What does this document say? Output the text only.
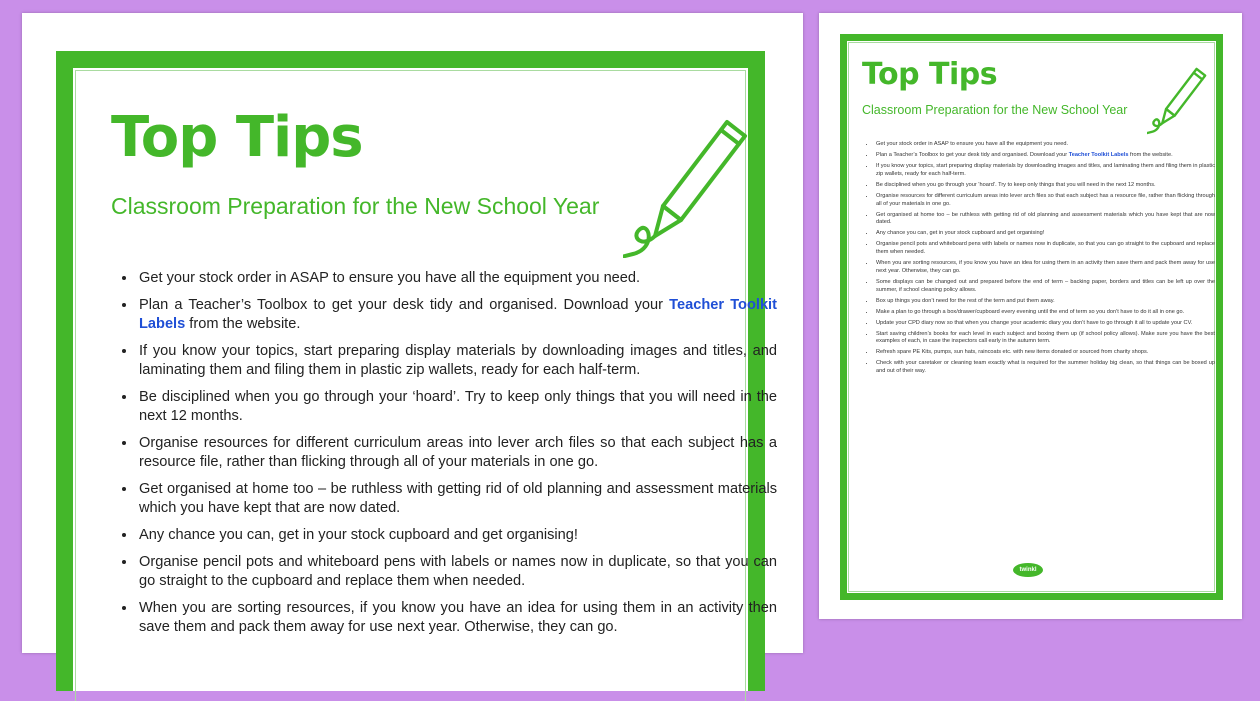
Top Tips
Classroom Preparation for the New School Year
• Get your stock order in ASAP to ensure you have all the equipment you need.
• Plan a Teacher’s Toolbox to get your desk tidy and organised. Download your Teacher Toolkit Labels from the website.
• If you know your topics, start preparing display materials by downloading images and titles, and laminating them and filing them in plastic zip wallets, ready for each half-term.
• Be disciplined when you go through your ‘hoard’. Try to keep only things that you will need in the next 12 months.
• Organise resources for different curriculum areas into lever arch files so that each subject has a resource file, rather than flicking through all of your materials in one go.
• Get organised at home too – be ruthless with getting rid of old planning and assessment materials which you have kept that are now dated.
• Any chance you can, get in your stock cupboard and get organising!
• Organise pencil pots and whiteboard pens with labels or names now in duplicate, so that you can go straight to the cupboard and replace them when needed.
• When you are sorting resources, if you know you have an idea for using them in an activity then save them and pack them away for use next year. Otherwise, they can go.
Top Tips
Classroom Preparation for the New School Year
• Get your stock order in ASAP to ensure you have all the equipment you need.
• Plan a Teacher’s Toolbox to get your desk tidy and organised. Download your Teacher Toolkit Labels from the website.
• If you know your topics, start preparing display materials by downloading images and titles, and laminating them and filing them in plastic zip wallets, ready for each half-term.
• Be disciplined when you go through your ‘hoard’. Try to keep only things that you will need in the next 12 months.
• Organise resources for different curriculum areas into lever arch files so that each subject has a resource file, rather than flicking through all of your materials in one go.
• Get organised at home too – be ruthless with getting rid of old planning and assessment materials which you have kept that are now dated.
• Any chance you can, get in your stock cupboard and get organising!
• Organise pencil pots and whiteboard pens with labels or names now in duplicate, so that you can go straight to the cupboard and replace them when needed.
• When you are sorting resources, if you know you have an idea for using them in an activity then save them and pack them away for use next year. Otherwise, they can go.
• Some displays can be changed out and prepared before the end of term – backing paper, borders and titles can be left up over the summer, if school cleaning policy allows.
• Box up things you don’t need for the rest of the term and put them away.
• Make a plan to go through a box/drawer/cupboard every evening until the end of term so you don’t have to do it all in one go.
• Update your CPD diary now so that when you change your academic diary you don’t have to go through it all to update your CV.
• Start saving children’s books for each level in each subject and boxing them up (if school policy allows). Make sure you have the best examples of each, in case the inspectors call early in the autumn term.
• Refresh spare PE Kits, pumps, sun hats, raincoats etc. with new items donated or sourced from charity shops.
• Check with your caretaker or cleaning team exactly what is required for the summer holiday big clean, so that things can be boxed up and out of their way.
twinkl
